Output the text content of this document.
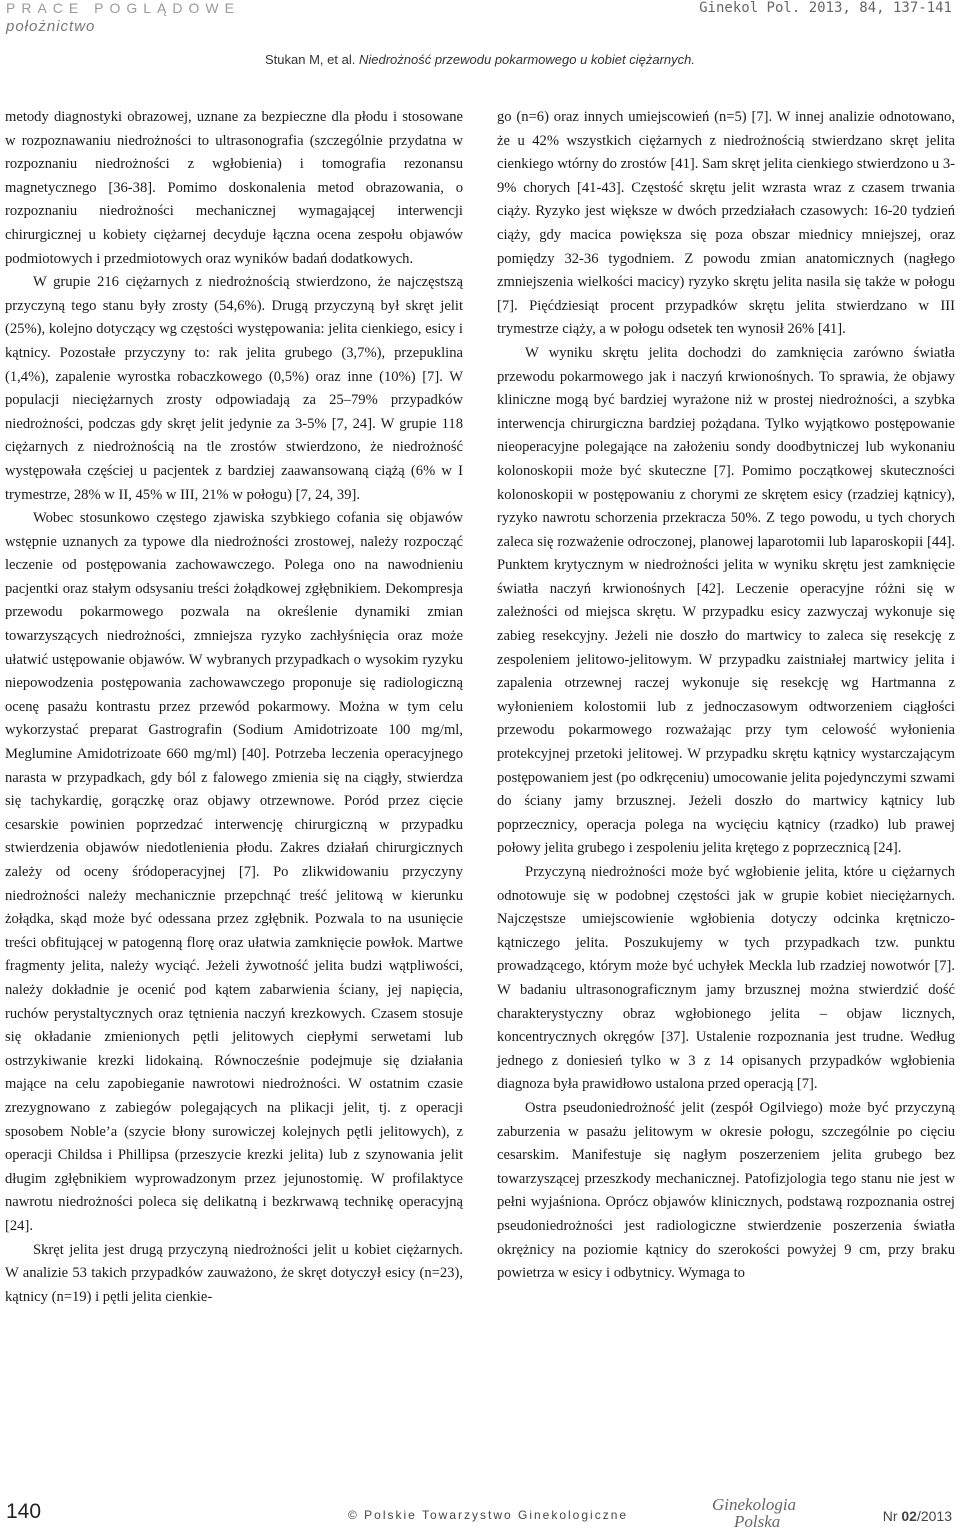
PRACE POGLĄDOWE
położnictwo
Ginekol Pol. 2013, 84, 137-141
Stukan M, et al. Niedrożność przewodu pokarmowego u kobiet ciężarnych.

metody diagnostyki obrazowej, uznane za bezpieczne dla płodu i stosowane w rozpoznawaniu niedrożności to ultrasonografia (szczególnie przydatna w rozpoznaniu niedrożności z wgłobienia) i tomografia rezonansu magnetycznego [36-38]. Pomimo doskonalenia metod obrazowania, o rozpoznaniu niedrożności mechanicznej wymagającej interwencji chirurgicznej u kobiety ciężarnej decyduje łączna ocena zespołu objawów podmiotowych i przedmiotowych oraz wyników badań dodatkowych.

W grupie 216 ciężarnych z niedrożnością stwierdzono, że najczęstszą przyczyną tego stanu były zrosty (54,6%). Drugą przyczyną był skręt jelit (25%), kolejno dotyczący wg częstości występowania: jelita cienkiego, esicy i kątnicy. Pozostałe przyczyny to: rak jelita grubego (3,7%), przepuklina (1,4%), zapalenie wyrostka robaczkowego (0,5%) oraz inne (10%) [7]. W populacji nieciężarnych zrosty odpowiadają za 25–79% przypadków niedrożności, podczas gdy skręt jelit jedynie za 3-5% [7, 24]. W grupie 118 ciężarnych z niedrożnością na tle zrostów stwierdzono, że niedrożność występowała częściej u pacjentek z bardziej zaawansowaną ciążą (6% w I trymestrze, 28% w II, 45% w III, 21% w połogu) [7, 24, 39].

Wobec stosunkowo częstego zjawiska szybkiego cofania się objawów wstępnie uznanych za typowe dla niedrożności zrostowej, należy rozpocząć leczenie od postępowania zachowawczego. Polega ono na nawodnieniu pacjentki oraz stałym odsysaniu treści żołądkowej zgłębnikiem. Dekompresja przewodu pokarmowego pozwala na określenie dynamiki zmian towarzyszących niedrożności, zmniejsza ryzyko zachłyśnięcia oraz może ułatwić ustępowanie objawów. W wybranych przypadkach o wysokim ryzyku niepowodzenia postępowania zachowawczego proponuje się radiologiczną ocenę pasażu kontrastu przez przewód pokarmowy. Można w tym celu wykorzystać preparat Gastrografin (Sodium Amidotrizoate 100 mg/ml, Meglumine Amidotrizoate 660 mg/ml) [40]. Potrzeba leczenia operacyjnego narasta w przypadkach, gdy ból z falowego zmienia się na ciągły, stwierdza się tachykardię, gorączkę oraz objawy otrzewnowe. Poród przez cięcie cesarskie powinien poprzedzać interwencję chirurgiczną w przypadku stwierdzenia objawów niedotlenienia płodu. Zakres działań chirurgicznych zależy od oceny śródoperacyjnej [7]. Po zlikwidowaniu przyczyny niedrożności należy mechanicznie przepchnąć treść jelitową w kierunku żołądka, skąd może być odessana przez zgłębnik. Pozwala to na usunięcie treści obfitującej w patogenną florę oraz ułatwia zamknięcie powłok. Martwe fragmenty jelita, należy wyciąć. Jeżeli żywotność jelita budzi wątpliwości, należy dokładnie je ocenić pod kątem zabarwienia ściany, jej napięcia, ruchów perystaltycznych oraz tętnienia naczyń krezkowych. Czasem stosuje się okładanie zmienionych pętli jelitowych ciepłymi serwetami lub ostrzykiwanie krezki lidokainą. Równocześnie podejmuje się działania mające na celu zapobieganie nawrotowi niedrożności. W ostatnim czasie zrezygnowano z zabiegów polegających na plikacji jelit, tj. z operacji sposobem Noble’a (szycie błony surowiczej kolejnych pętli jelitowych), z operacji Childsa i Phillipsa (przeszycie krezki jelita) lub z szynowania jelit długim zgłębnikiem wyprowadzonym przez jejunostomię. W profilaktyce nawrotu niedrożności poleca się delikatną i bezkrwawą technikę operacyjną [24].

Skręt jelita jest drugą przyczyną niedrożności jelit u kobiet ciężarnych. W analizie 53 takich przypadków zauważono, że skręt dotyczył esicy (n=23), kątnicy (n=19) i pętli jelita cienkie-

go (n=6) oraz innych umiejscowień (n=5) [7]. W innej analizie odnotowano, że u 42% wszystkich ciężarnych z niedrożnością stwierdzano skręt jelita cienkiego wtórny do zrostów [41]. Sam skręt jelita cienkiego stwierdzono u 3-9% chorych [41-43]. Częstość skrętu jelit wzrasta wraz z czasem trwania ciąży. Ryzyko jest większe w dwóch przedziałach czasowych: 16-20 tydzień ciąży, gdy macica powiększa się poza obszar miednicy mniejszej, oraz pomiędzy 32-36 tygodniem. Z powodu zmian anatomicznych (nagłego zmniejszenia wielkości macicy) ryzyko skrętu jelita nasila się także w połogu [7]. Pięćdziesiąt procent przypadków skrętu jelita stwierdzano w III trymestrze ciąży, a w połogu odsetek ten wynosił 26% [41].

W wyniku skrętu jelita dochodzi do zamknięcia zarówno światła przewodu pokarmowego jak i naczyń krwionośnych. To sprawia, że objawy kliniczne mogą być bardziej wyrażone niż w prostej niedrożności, a szybka interwencja chirurgiczna bardziej pożądana. Tylko wyjątkowo postępowanie nieoperacyjne polegające na założeniu sondy doodbytniczej lub wykonaniu kolonoskopii może być skuteczne [7]. Pomimo początkowej skuteczności kolonoskopii w postępowaniu z chorymi ze skrętem esicy (rzadziej kątnicy), ryzyko nawrotu schorzenia przekracza 50%. Z tego powodu, u tych chorych zaleca się rozważenie odroczonej, planowej laparotomii lub laparoskopii [44]. Punktem krytycznym w niedrożności jelita w wyniku skrętu jest zamknięcie światła naczyń krwionośnych [42]. Leczenie operacyjne różni się w zależności od miejsca skrętu. W przypadku esicy zazwyczaj wykonuje się zabieg resekcyjny. Jeżeli nie doszło do martwicy to zaleca się resekcję z zespoleniem jelitowo-jelitowym. W przypadku zaistniałej martwicy jelita i zapalenia otrzewnej raczej wykonuje się resekcję wg Hartmanna z wyłonieniem kolostomii lub z jednoczasowym odtworzeniem ciągłości przewodu pokarmowego rozważając przy tym celowość wyłonienia protekcyjnej przetoki jelitowej. W przypadku skrętu kątnicy wystarczającym postępowaniem jest (po odkręceniu) umocowanie jelita pojedynczymi szwami do ściany jamy brzusznej. Jeżeli doszło do martwicy kątnicy lub poprzecznicy, operacja polega na wycięciu kątnicy (rzadko) lub prawej połowy jelita grubego i zespoleniu jelita krętego z poprzecznicą [24].

Przyczyną niedrożności może być wgłobienie jelita, które u ciężarnych odnotowuje się w podobnej częstości jak w grupie kobiet nieciężarnych. Najczęstsze umiejscowienie wgłobienia dotyczy odcinka krętniczo-kątniczego jelita. Poszukujemy w tych przypadkach tzw. punktu prowadzącego, którym może być uchyłek Meckla lub rzadziej nowotwór [7]. W badaniu ultrasonograficznym jamy brzusznej można stwierdzić dość charakterystyczny obraz wgłobionego jelita – objaw licznych, koncentrycznych okręgów [37]. Ustalenie rozpoznania jest trudne. Według jednego z doniesień tylko w 3 z 14 opisanych przypadków wgłobienia diagnoza była prawidłowo ustalona przed operacją [7].

Ostra pseudoniedrożność jelit (zespół Ogilviego) może być przyczyną zaburzenia w pasażu jelitowym w okresie połogu, szczególnie po cięciu cesarskim. Manifestuje się nagłym poszerzeniem jelita grubego bez towarzyszącej przeszkody mechanicznej. Patofizjologia tego stanu nie jest w pełni wyjaśniona. Oprócz objawów klinicznych, podstawą rozpoznania ostrej pseudoniedrożności jest radiologiczne stwierdzenie poszerzenia światła okrężnicy na poziomie kątnicy do szerokości powyżej 9 cm, przy braku powietrza w esicy i odbytnicy. Wymaga to

140	© Polskie Towarzystwo Ginekologiczne
Ginekologia
Polska	Nr 02/2013
